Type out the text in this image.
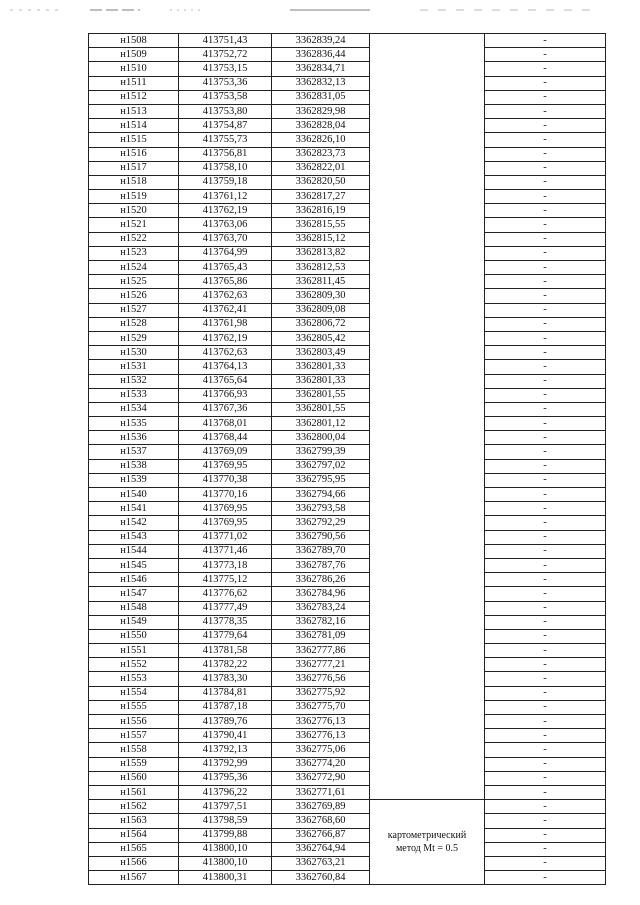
н1508	413751,43	3362839,24		-
н1509	413752,72	3362836,44		-
н1510	413753,15	3362834,71		-
н1511	413753,36	3362832,13		-
н1512	413753,58	3362831,05		-
н1513	413753,80	3362829,98		-
н1514	413754,87	3362828,04		-
н1515	413755,73	3362826,10		-
н1516	413756,81	3362823,73		-
н1517	413758,10	3362822,01		-
н1518	413759,18	3362820,50		-
н1519	413761,12	3362817,27		-
н1520	413762,19	3362816,19		-
н1521	413763,06	3362815,55		-
н1522	413763,70	3362815,12		-
н1523	413764,99	3362813,82		-
н1524	413765,43	3362812,53		-
н1525	413765,86	3362811,45		-
н1526	413762,63	3362809,30		-
н1527	413762,41	3362809,08		-
н1528	413761,98	3362806,72		-
н1529	413762,19	3362805,42		-
н1530	413762,63	3362803,49		-
н1531	413764,13	3362801,33		-
н1532	413765,64	3362801,33		-
н1533	413766,93	3362801,55		-
н1534	413767,36	3362801,55		-
н1535	413768,01	3362801,12		-
н1536	413768,44	3362800,04		-
н1537	413769,09	3362799,39		-
н1538	413769,95	3362797,02		-
н1539	413770,38	3362795,95		-
н1540	413770,16	3362794,66		-
н1541	413769,95	3362793,58		-
н1542	413769,95	3362792,29		-
н1543	413771,02	3362790,56		-
н1544	413771,46	3362789,70		-
н1545	413773,18	3362787,76		-
н1546	413775,12	3362786,26		-
н1547	413776,62	3362784,96		-
н1548	413777,49	3362783,24		-
н1549	413778,35	3362782,16		-
н1550	413779,64	3362781,09		-
н1551	413781,58	3362777,86		-
н1552	413782,22	3362777,21		-
н1553	413783,30	3362776,56		-
н1554	413784,81	3362775,92		-
н1555	413787,18	3362775,70		-
н1556	413789,76	3362776,13		-
н1557	413790,41	3362776,13		-
н1558	413792,13	3362775,06		-
н1559	413792,99	3362774,20		-
н1560	413795,36	3362772,90		-
н1561	413796,22	3362771,61		-
н1562	413797,51	3362769,89	картометрический
метод Mt = 0.5	-
н1563	413798,59	3362768,60		-
н1564	413799,88	3362766,87		-
н1565	413800,10	3362764,94		-
н1566	413800,10	3362763,21		-
н1567	413800,31	3362760,84		-
